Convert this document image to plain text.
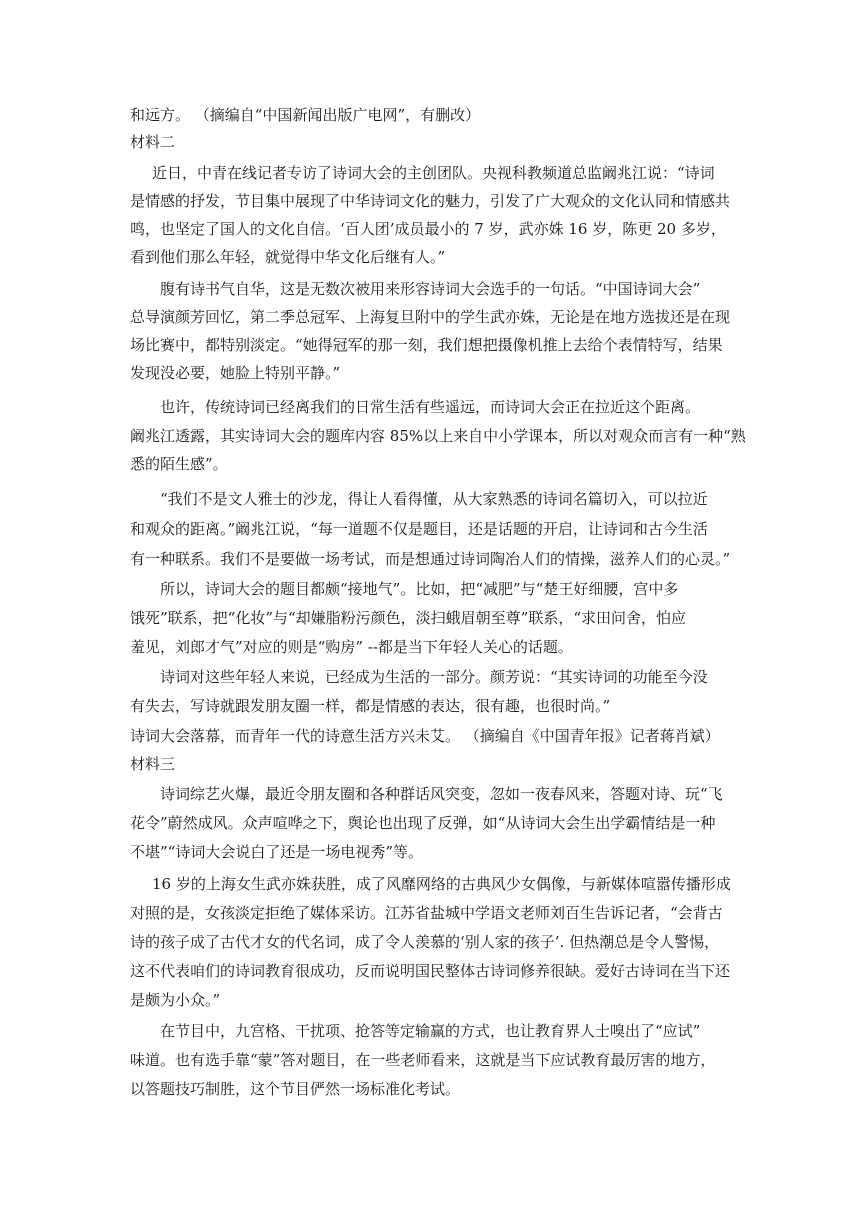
和远方。 （摘编自“中国新闻出版广电网”，有删改）
材料二
近日，中青在线记者专访了诗词大会的主创团队。央视科教频道总监阚兆江说：“诗词
是情感的抒发，节目集中展现了中华诗词文化的魅力，引发了广大观众的文化认同和情感共
鸣，也坚定了国人的文化自信。‘百人团’成员最小的 7 岁，武亦姝 16 岁，陈更 20 多岁，
看到他们那么年轻，就觉得中华文化后继有人。”
腹有诗书气自华，这是无数次被用来形容诗词大会选手的一句话。“中国诗词大会”
总导演颜芳回忆，第二季总冠军、上海复旦附中的学生武亦姝，无论是在地方选拔还是在现
场比赛中，都特别淡定。“她得冠军的那一刻，我们想把摄像机推上去给个表情特写，结果
发现没必要，她脸上特别平静。”
也许，传统诗词已经离我们的日常生活有些遥远，而诗词大会正在拉近这个距离。
阚兆江透露，其实诗词大会的题库内容 85%以上来自中小学课本，所以对观众而言有一种“熟
悉的陌生感”。
“我们不是文人雅士的沙龙，得让人看得懂，从大家熟悉的诗词名篇切入，可以拉近
和观众的距离。”阚兆江说，“每一道题不仅是题目，还是话题的开启，让诗词和古今生活
有一种联系。我们不是要做一场考试，而是想通过诗词陶冶人们的情操，滋养人们的心灵。”
所以，诗词大会的题目都颇“接地气”。比如，把“减肥”与“楚王好细腰，宫中多
饿死”联系，把“化妆”与“却嫌脂粉污颜色，淡扫蛾眉朝至尊”联系，“求田问舍，怕应
羞见，刘郎才气”对应的则是“购房” --都是当下年轻人关心的话题。
诗词对这些年轻人来说，已经成为生活的一部分。颜芳说：“其实诗词的功能至今没
有失去，写诗就跟发朋友圈一样，都是情感的表达，很有趣，也很时尚。”
诗词大会落幕，而青年一代的诗意生活方兴未艾。 （摘编自《中国青年报》记者蒋肖斌）
材料三
诗词综艺火爆，最近令朋友圈和各种群话风突变，忽如一夜春风来，答题对诗、玩“飞
花令”蔚然成风。众声喧哗之下，舆论也出现了反弹，如“从诗词大会生出学霸情结是一种
不堪”“诗词大会说白了还是一场电视秀”等。
16 岁的上海女生武亦姝获胜，成了风靡网络的古典风少女偶像，与新媒体喧嚣传播形成
对照的是，女孩淡定拒绝了媒体采访。江苏省盐城中学语文老师刘百生告诉记者，“会背古
诗的孩子成了古代才女的代名词，成了令人羡慕的‘别人家的孩子’. 但热潮总是令人警惕，
这不代表咱们的诗词教育很成功，反而说明国民整体古诗词修养很缺。爱好古诗词在当下还
是颇为小众。”
在节目中，九宫格、干扰项、抢答等定输赢的方式，也让教育界人士嗅出了“应试”
味道。也有选手靠“蒙”答对题目，在一些老师看来，这就是当下应试教育最厉害的地方，
以答题技巧制胜，这个节目俨然一场标准化考试。
